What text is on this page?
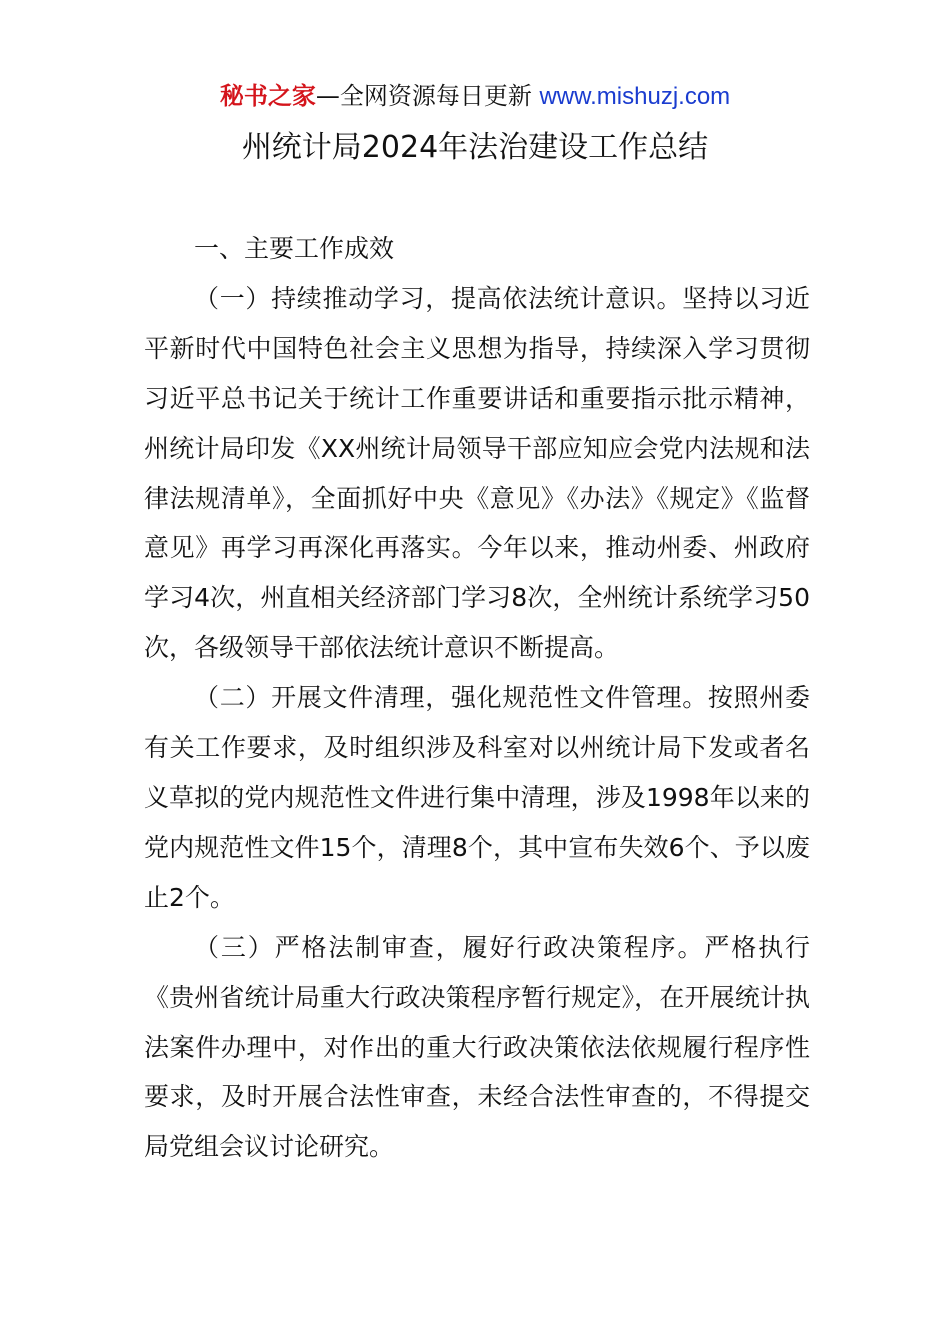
秘书之家—全网资源每日更新 www.mishuzj.com
州统计局2024年法治建设工作总结

一、主要工作成效

（一）持续推动学习，提高依法统计意识。坚持以习近平新时代中国特色社会主义思想为指导，持续深入学习贯彻习近平总书记关于统计工作重要讲话和重要指示批示精神，州统计局印发《XX州统计局领导干部应知应会党内法规和法律法规清单》，全面抓好中央《意见》《办法》《规定》《监督意见》再学习再深化再落实。今年以来，推动州委、州政府学习4次，州直相关经济部门学习8次，全州统计系统学习50次，各级领导干部依法统计意识不断提高。

（二）开展文件清理，强化规范性文件管理。按照州委有关工作要求，及时组织涉及科室对以州统计局下发或者名义草拟的党内规范性文件进行集中清理，涉及1998年以来的党内规范性文件15个，清理8个，其中宣布失效6个、予以废止2个。

（三）严格法制审查，履好行政决策程序。严格执行《贵州省统计局重大行政决策程序暂行规定》，在开展统计执法案件办理中，对作出的重大行政决策依法依规履行程序性要求，及时开展合法性审查，未经合法性审查的，不得提交局党组会议讨论研究。
